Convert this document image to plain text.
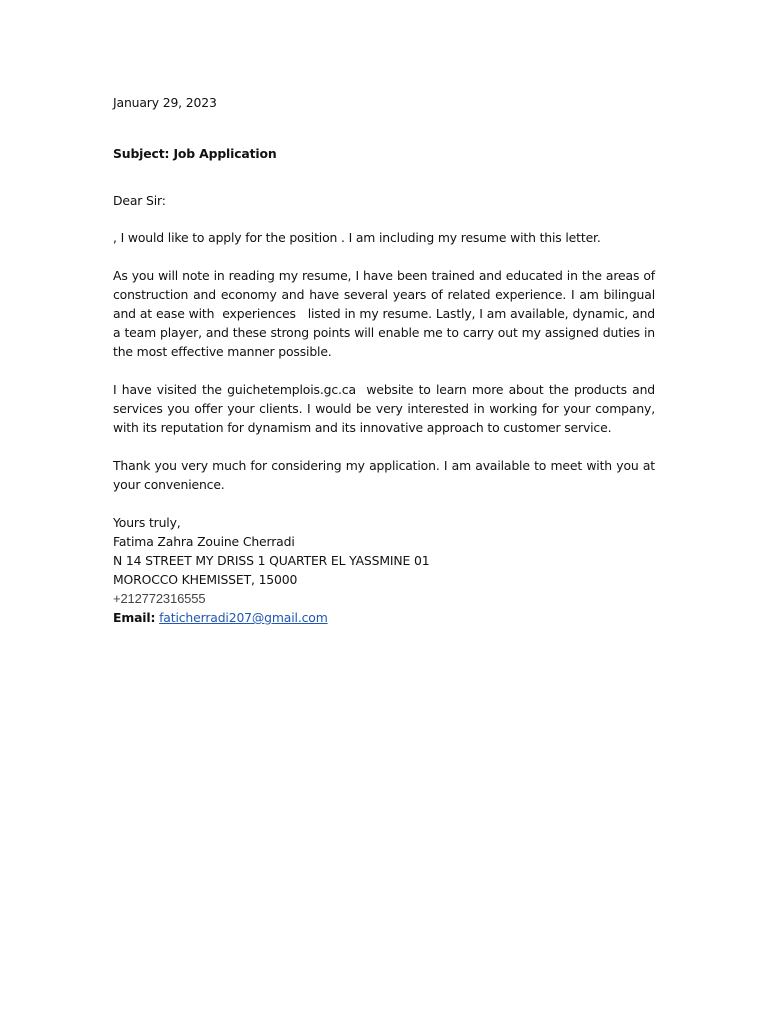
January 29, 2023

Subject: Job Application

Dear Sir:

, I would like to apply for the position . I am including my resume with this letter.

As you will note in reading my resume, I have been trained and educated in the areas of construction and economy and have several years of related experience. I am bilingual and at ease with  experiences   listed in my resume. Lastly, I am available, dynamic, and a team player, and these strong points will enable me to carry out my assigned duties in the most effective manner possible.

I have visited the guichetemplois.gc.ca  website to learn more about the products and services you offer your clients. I would be very interested in working for your company, with its reputation for dynamism and its innovative approach to customer service.

Thank you very much for considering my application. I am available to meet with you at your convenience.

Yours truly,
Fatima Zahra Zouine Cherradi
N 14 STREET MY DRISS 1 QUARTER EL YASSMINE 01
MOROCCO KHEMISSET, 15000
+212772316555
Email: faticherradi207@gmail.com
